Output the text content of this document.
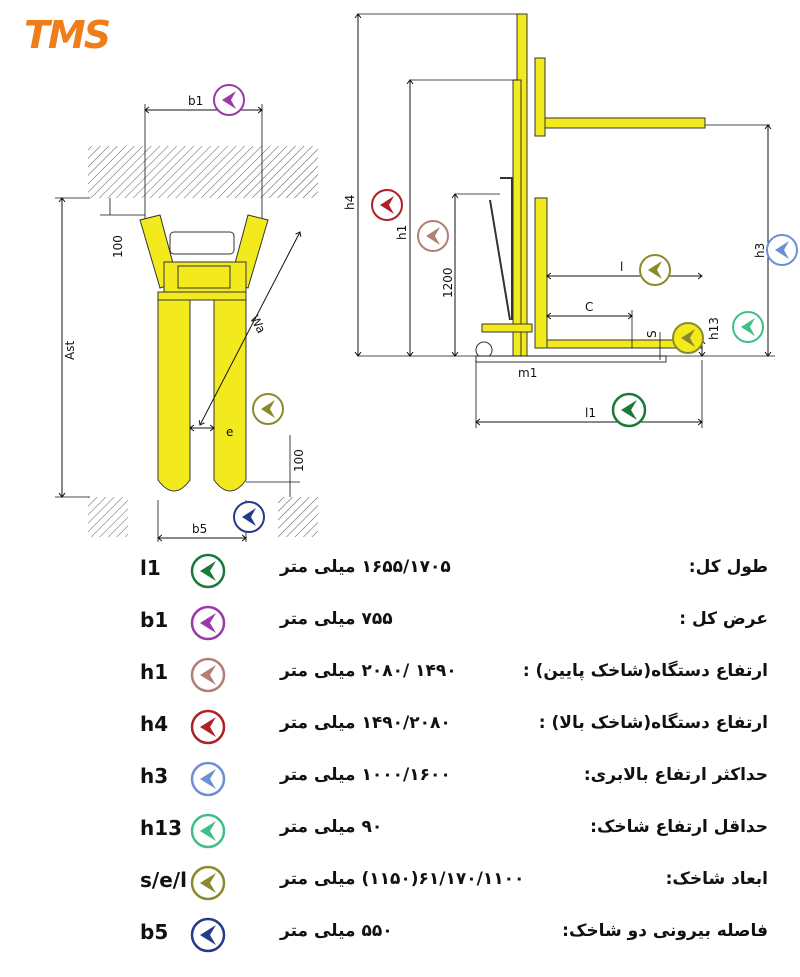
TMS
b1
100
Ast
Wa
e
100
b5
h4
h1
1200
h3
h13
l
C
S
m1
l1
طول کل:
۱۶۵۵/۱۷۰۵ میلی متر
l1
عرض کل :
۷۵۵ میلی متر
b1
ارتفاع دستگاه(شاخک پایین) :
۱۴۹۰ /۲۰۸۰ میلی متر
h1
ارتفاع دستگاه(شاخک بالا) :
۱۴۹۰/۲۰۸۰ میلی متر
h4
حداکثر ارتفاع بالابری:
۱۰۰۰/۱۶۰۰ میلی متر
h3
حداقل ارتفاع شاخک:
۹۰ میلی متر
h13
ابعاد شاخک:
۶۱/۱۷۰/۱۱۰۰(۱۱۵۰) میلی متر
s/e/l
فاصله بیرونی دو شاخک:
۵۵۰ میلی متر
b5
